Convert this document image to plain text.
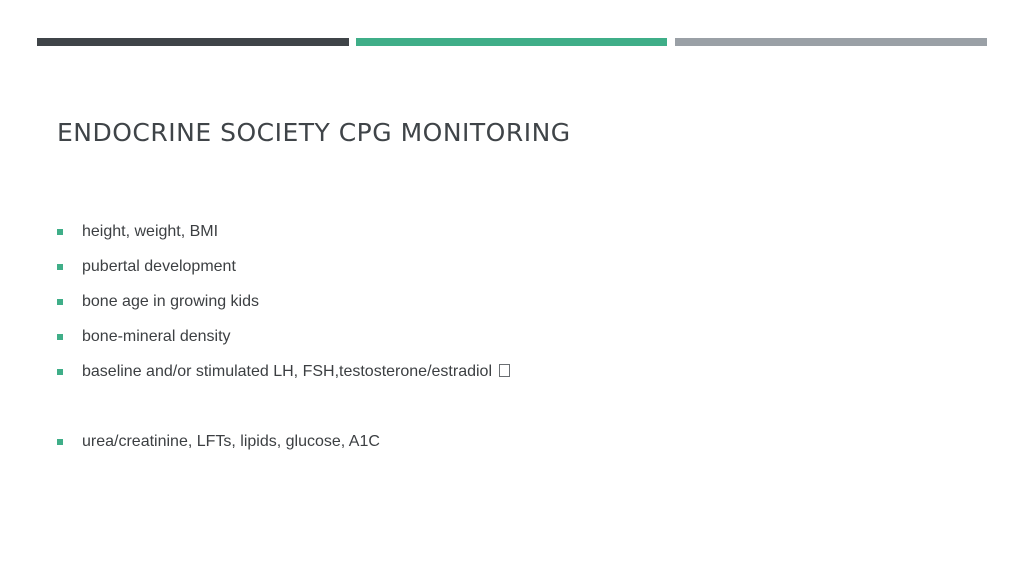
ENDOCRINE SOCIETY CPG MONITORING
height, weight, BMI
pubertal development
bone age in growing kids
bone-mineral density
baseline and/or stimulated LH, FSH,testosterone/estradiol
urea/creatinine, LFTs, lipids, glucose, A1C
